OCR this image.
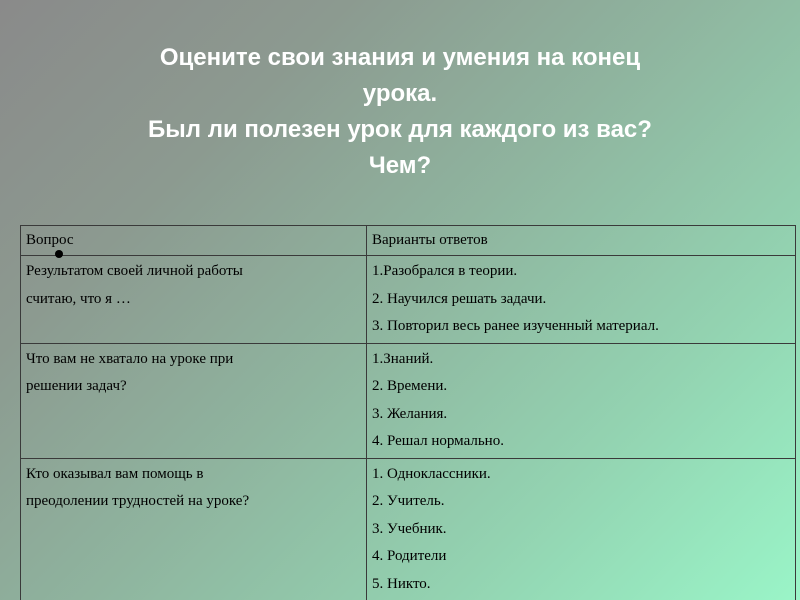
Оцените свои знания и умения на конец
урока.
Был ли полезен урок для каждого из вас?
Чем?
Вопрос	Варианты ответов

Результатом своей личной работы
считаю, что я …	1.Разобрался в теории.
2. Научился решать задачи.
3. Повторил весь ранее изученный материал.

Что вам не хватало на уроке при
решении задач?	1.Знаний.
2. Времени.
3. Желания.
4. Решал нормально.

Кто оказывал вам помощь в
преодолении трудностей на уроке?	1. Одноклассники.
2. Учитель.
3. Учебник.
4. Родители
5. Никто.
